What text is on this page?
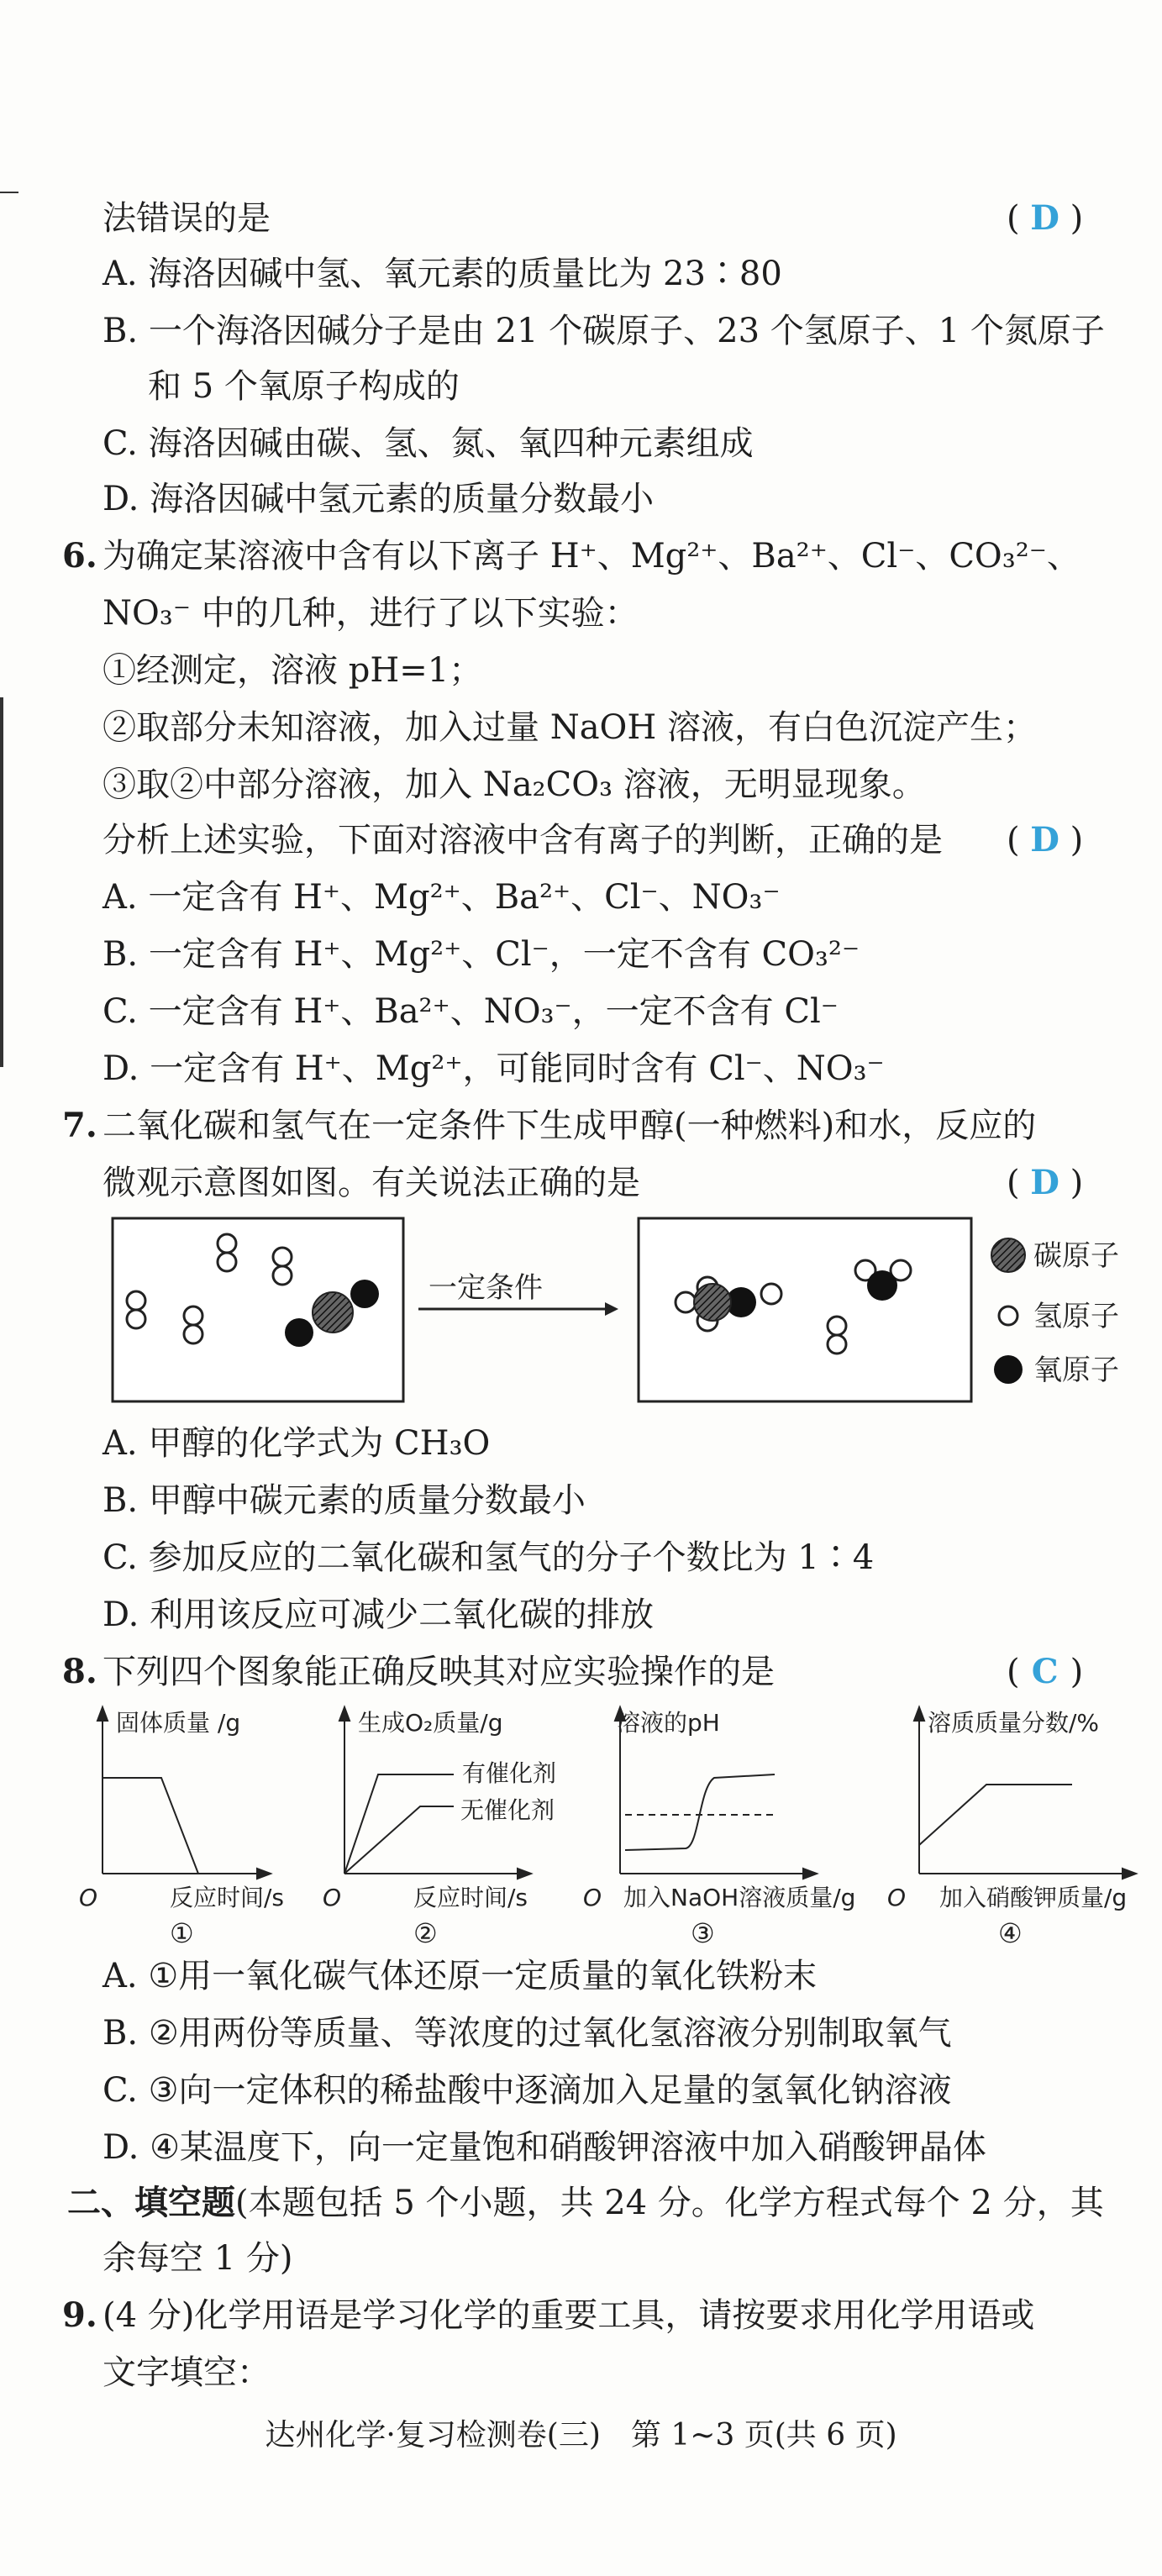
法错误的是	( D )
A. 海洛因碱中氢、氧元素的质量比为 23∶80
B. 一个海洛因碱分子是由 21 个碳原子、23 个氢原子、1 个氮原子
和 5 个氧原子构成的
C. 海洛因碱由碳、氢、氮、氧四种元素组成
D. 海洛因碱中氢元素的质量分数最小
6. 为确定某溶液中含有以下离子 H⁺、Mg²⁺、Ba²⁺、Cl⁻、CO₃²⁻、
NO₃⁻ 中的几种，进行了以下实验：
①经测定，溶液 pH=1；
②取部分未知溶液，加入过量 NaOH 溶液，有白色沉淀产生；
③取②中部分溶液，加入 Na₂CO₃ 溶液，无明显现象。
分析上述实验，下面对溶液中含有离子的判断，正确的是 ( D )
A. 一定含有 H⁺、Mg²⁺、Ba²⁺、Cl⁻、NO₃⁻
B. 一定含有 H⁺、Mg²⁺、Cl⁻，一定不含有 CO₃²⁻
C. 一定含有 H⁺、Ba²⁺、NO₃⁻，一定不含有 Cl⁻
D. 一定含有 H⁺、Mg²⁺，可能同时含有 Cl⁻、NO₃⁻
7. 二氧化碳和氢气在一定条件下生成甲醇(一种燃料)和水，反应的
微观示意图如图。有关说法正确的是	( D )
一定条件
碳原子
氢原子
氧原子
A. 甲醇的化学式为 CH₃O
B. 甲醇中碳元素的质量分数最小
C. 参加反应的二氧化碳和氢气的分子个数比为 1∶4
D. 利用该反应可减少二氧化碳的排放
8. 下列四个图象能正确反映其对应实验操作的是	( C )
固体质量 /g
O	反应时间/s
①
生成O₂质量/g
有催化剂
无催化剂
O	反应时间/s
②
溶液的pH
O 加入NaOH溶液质量/g
③
溶质质量分数/%
O 加入硝酸钾质量/g
④
A. ①用一氧化碳气体还原一定质量的氧化铁粉末
B. ②用两份等质量、等浓度的过氧化氢溶液分别制取氧气
C. ③向一定体积的稀盐酸中逐滴加入足量的氢氧化钠溶液
D. ④某温度下，向一定量饱和硝酸钾溶液中加入硝酸钾晶体
二、填空题(本题包括 5 个小题，共 24 分。化学方程式每个 2 分，其
余每空 1 分)
9. (4 分)化学用语是学习化学的重要工具，请按要求用化学用语或
文字填空：
达州化学·复习检测卷(三)　第 1~3 页(共 6 页)
